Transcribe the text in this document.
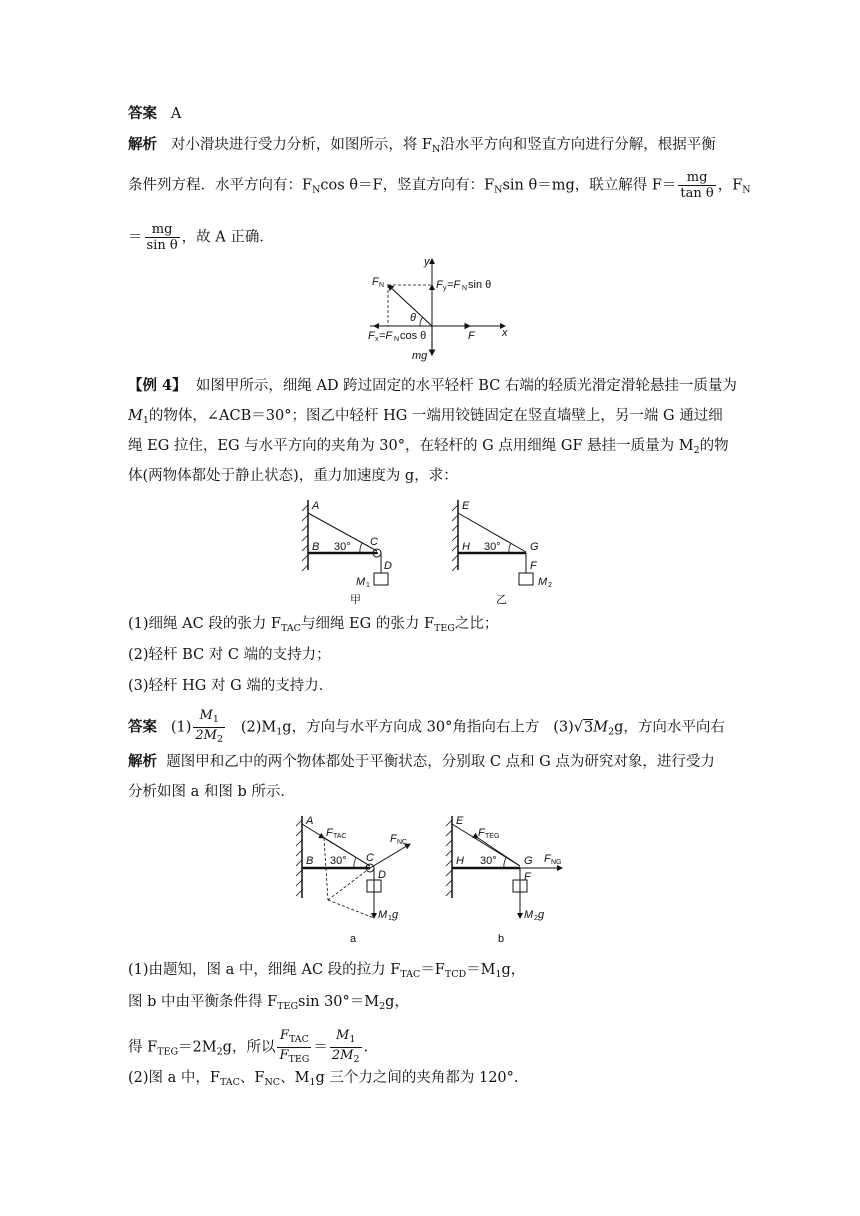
答案 A
解析 对小滑块进行受力分析，如图所示，将 $F_N$沿水平方向和竖直方向进行分解，根据平衡
条件列方程．水平方向有：$F_N\cos$ θ＝F，竖直方向有：$F_N\sin$ θ＝mg，联立解得 $F= \frac{mg}{\text{tan θ}}$ ，$F_N$
＝ $\frac{mg}{\text{sin θ}}$ ，故 A 正确．
y
x
F N	F y =F N sin θ
θ
F x =F N cos θ	F
mg
【例 4】 如图甲所示，细绳 AD 跨过固定的水平轻杆 BC 右端的轻质光滑定滑轮悬挂一质量为
$M_1$的物体，∠ACB＝30°；图乙中轻杆 HG 一端用铰链固定在竖直墙壁上，另一端 G 通过细
绳 EG 拉住，EG 与水平方向的夹角为 30°，在轻杆的 G 点用细绳 GF 悬挂一质量为 $M_2$的物
体(两物体都处于静止状态)，重力加速度为 g，求：
A
B 30° C
D
M 1
甲
E
H 30°	G
F
M 2
乙
(1)细绳 AC 段的张力 $F_{TAC}$与细绳 EG 的张力 $F_{TEG}$之比；
(2)轻杆 BC 对 C 端的支持力；
(3)轻杆 HG 对 G 端的支持力．
答案 $(1) \frac{M_1}{2M_2} (2)M_1g$，方向与水平方向成 30°角指向右上方 $(3)√3M_2g$，方向水平向右
解析 题图甲和乙中的两个物体都处于平衡状态，分别取 C 点和 G 点为研究对象，进行受力
分析如图 a 和图 b 所示．
A
F TAC	F NC
B 30° C
D
M 1 g
a
E
F TEG
H 30° G F NG
F
M 2 g
b
(1)由题知，图 a 中，细绳 AC 段的拉力 $F_{TAC}=F_{TCD}=M_1g$，
图 b 中由平衡条件得 $F_{TEG}\sin$ $30^\circ=M_2g$，
得 $F_{TEG}=2M_2g$，所以 $\frac{F_{TAC}}{F_{TEG}} = \frac{M_1}{2M_2}$ .
(2)图 a 中，$F_{TAC}$、$F_{NC}$、$M_1g$ 三个力之间的夹角都为 120°.
